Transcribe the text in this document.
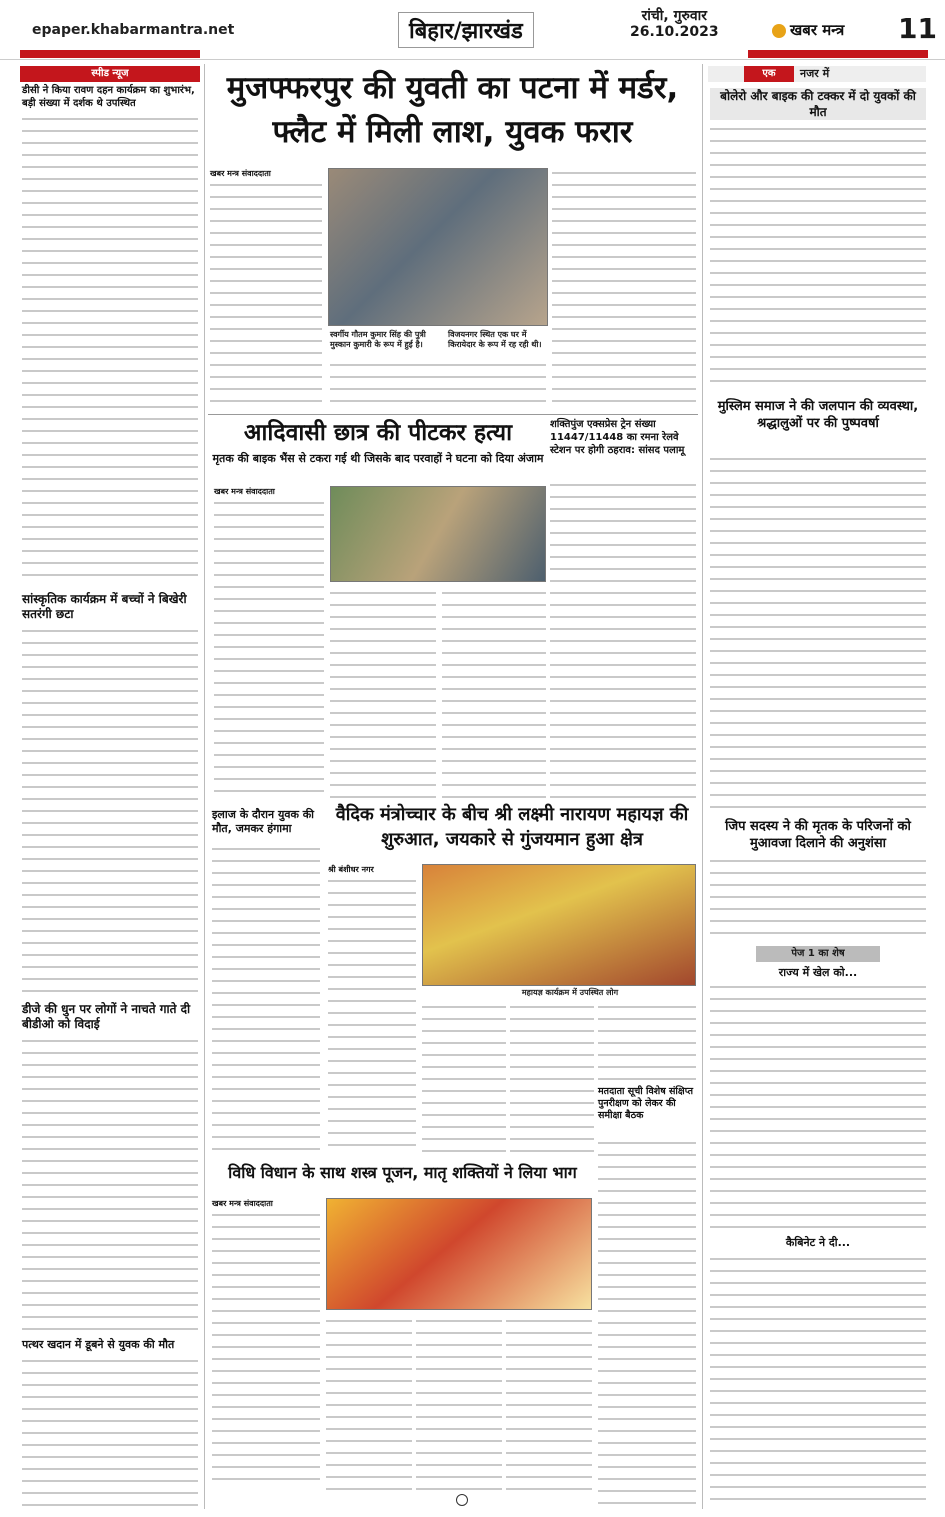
epaper.khabarmantra.net	बिहार/झारखंड
रांची, गुरुवार
26.10.2023	खबर मन्त्र 11
स्पीड न्यूज
डीसी ने किया रावण दहन कार्यक्रम का शुभारंभ, बड़ी संख्या में दर्शक थे उपस्थित
सांस्कृतिक कार्यक्रम में बच्चों ने बिखेरी सतरंगी छटा
डीजे की धुन पर लोगों ने नाचते गाते दी बीडीओ को विदाई
पत्थर खदान में डूबने से युवक की मौत
मुजफ्फरपुर की युवती का पटना में मर्डर, फ्लैट में मिली लाश, युवक फरार
खबर मन्त्र संवाददाता
स्वर्गीय गौतम कुमार सिंह की पुत्री मुस्कान कुमारी के रूप में हुई है।
विजयनगर स्थित एक घर में किरायेदार के रूप में रह रही थी।
आदिवासी छात्र की पीटकर हत्या
मृतक की बाइक भैंस से टकरा गई थी जिसके बाद परवाहों ने घटना को दिया अंजाम
खबर मन्त्र संवाददाता
शक्तिपुंज एक्सप्रेस ट्रेन संख्या 11447/11448 का रमना रेलवे स्टेशन पर होगी ठहराव: सांसद पलामू
इलाज के दौरान युवक की मौत, जमकर हंगामा
वैदिक मंत्रोच्चार के बीच श्री लक्ष्मी नारायण महायज्ञ की शुरुआत, जयकारे से गुंजयमान हुआ क्षेत्र
श्री बंशीधर नगर
महायज्ञ कार्यक्रम में उपस्थित लोग
मतदाता सूची विशेष संक्षिप्त पुनरीक्षण को लेकर की समीक्षा बैठक
विधि विधान के साथ शस्त्र पूजन, मातृ शक्तियों ने लिया भाग
खबर मन्त्र संवाददाता
एक	नजर में
बोलेरो और बाइक की टक्कर में दो युवकों की मौत
मुस्लिम समाज ने की जलपान की व्यवस्था, श्रद्धालुओं पर की पुष्पवर्षा
जिप सदस्य ने की मृतक के परिजनों को मुआवजा दिलाने की अनुशंसा
पेज 1 का शेष
राज्य में खेल को...
कैबिनेट ने दी...
